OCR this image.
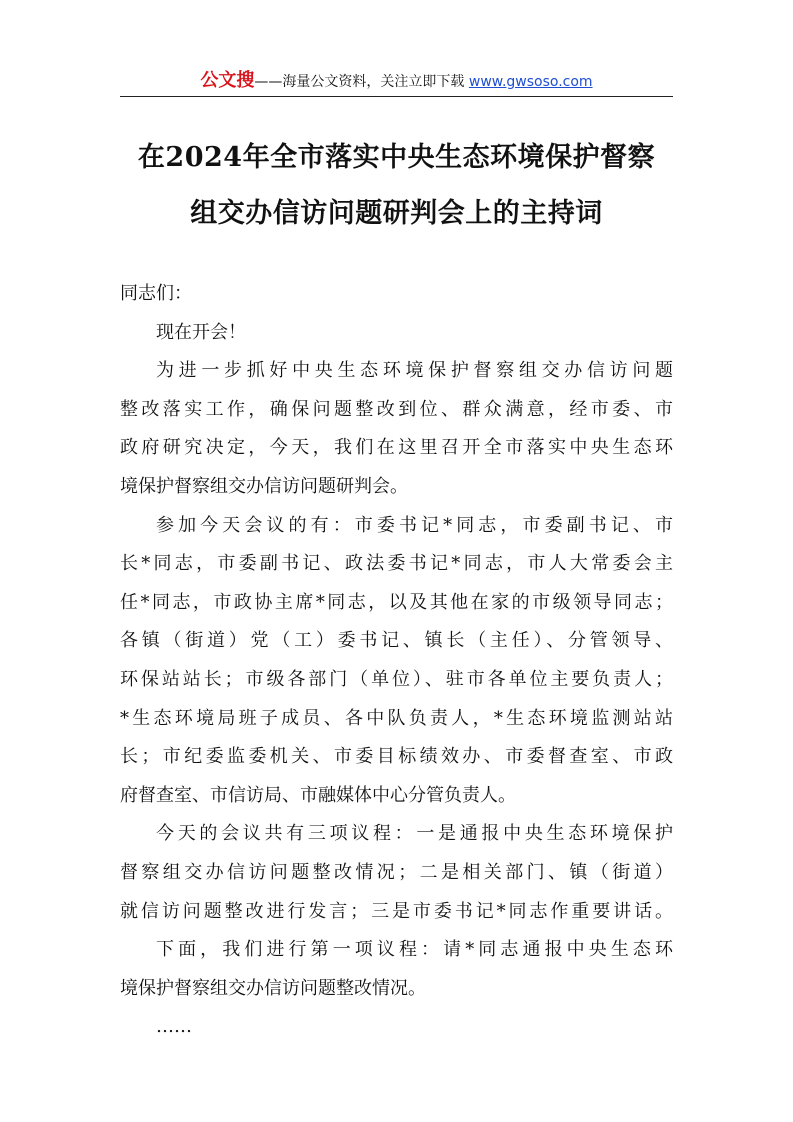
公文搜——海量公文资料，关注立即下载 www.gwsoso.com
在2024年全市落实中央生态环境保护督察
组交办信访问题研判会上的主持词
同志们：
现在开会！
为进一步抓好中央生态环境保护督察组交办信访问题
整改落实工作，确保问题整改到位、群众满意，经市委、市
政府研究决定，今天，我们在这里召开全市落实中央生态环
境保护督察组交办信访问题研判会。
参加今天会议的有：市委书记*同志，市委副书记、市
长*同志，市委副书记、政法委书记*同志，市人大常委会主
任*同志，市政协主席*同志，以及其他在家的市级领导同志；
各镇（街道）党（工）委书记、镇长（主任）、分管领导、
环保站站长；市级各部门（单位）、驻市各单位主要负责人；
*生态环境局班子成员、各中队负责人，*生态环境监测站站
长；市纪委监委机关、市委目标绩效办、市委督查室、市政
府督查室、市信访局、市融媒体中心分管负责人。
今天的会议共有三项议程：一是通报中央生态环境保护
督察组交办信访问题整改情况；二是相关部门、镇（街道）
就信访问题整改进行发言；三是市委书记*同志作重要讲话。
下面，我们进行第一项议程：请*同志通报中央生态环
境保护督察组交办信访问题整改情况。
……
